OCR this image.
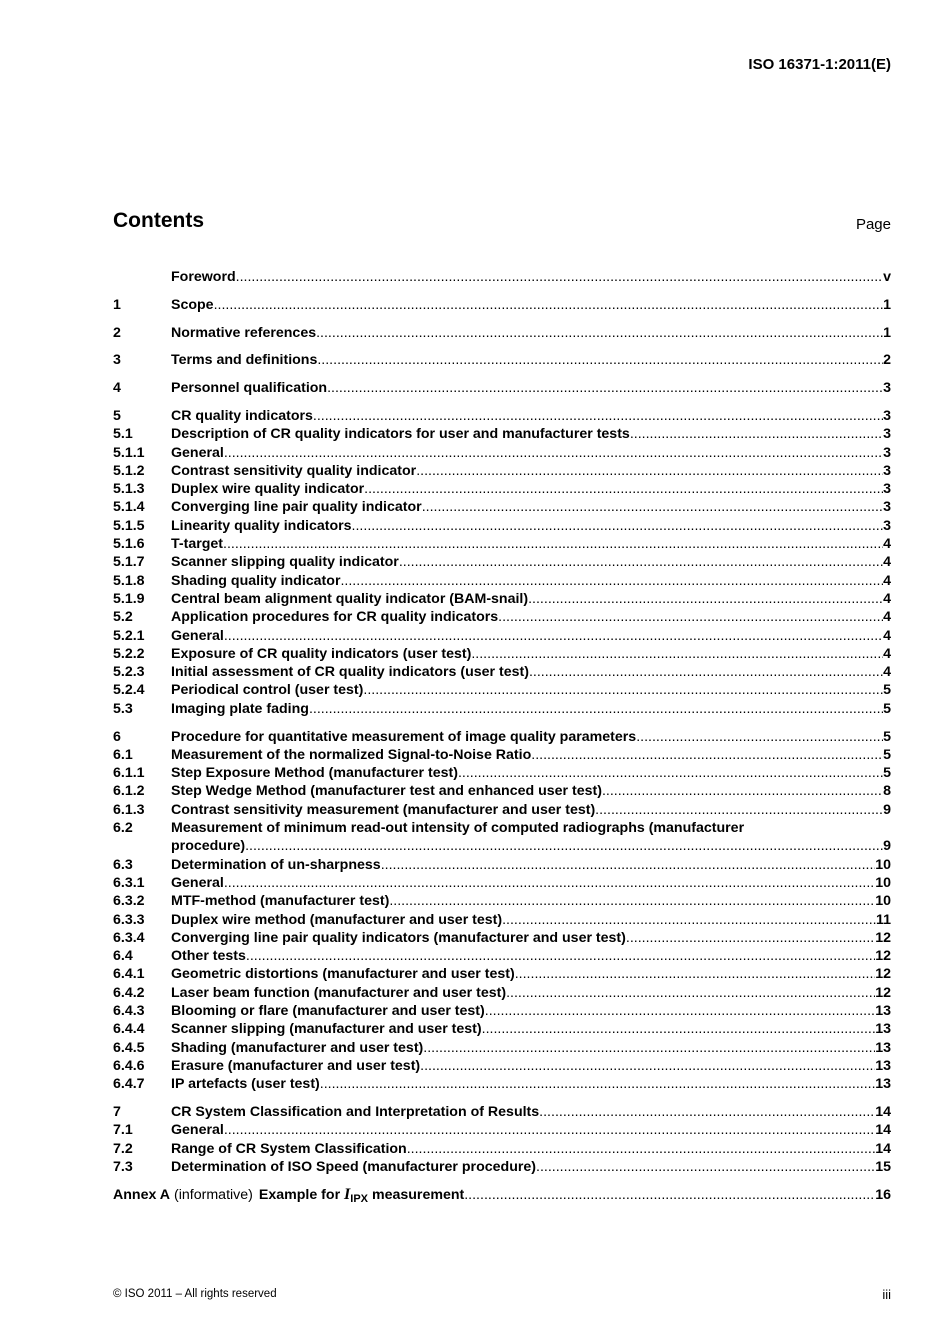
ISO 16371-1:2011(E)
Contents	Page
Foreword .....	v
1	Scope .....	1
2	Normative references .....	1
3	Terms and definitions .....	2
4	Personnel qualification .....	3
5	CR quality indicators .....	3
5.1	Description of CR quality indicators for user and manufacturer tests .....	3
5.1.1	General .....	3
5.1.2	Contrast sensitivity quality indicator .....	3
5.1.3	Duplex wire quality indicator .....	3
5.1.4	Converging line pair quality indicator .....	3
5.1.5	Linearity quality indicators .....	3
5.1.6	T-target .....	4
5.1.7	Scanner slipping quality indicator .....	4
5.1.8	Shading quality indicator .....	4
5.1.9	Central beam alignment quality indicator (BAM-snail) .....	4
5.2	Application procedures for CR quality indicators .....	4
5.2.1	General .....	4
5.2.2	Exposure of CR quality indicators (user test) .....	4
5.2.3	Initial assessment of CR quality indicators (user test) .....	4
5.2.4	Periodical control (user test) .....	5
5.3	Imaging plate fading .....	5
6	Procedure for quantitative measurement of image quality parameters .....	5
6.1	Measurement of the normalized Signal-to-Noise Ratio .....	5
6.1.1	Step Exposure Method (manufacturer test) .....	5
6.1.2	Step Wedge Method (manufacturer test and enhanced user test) .....	8
6.1.3	Contrast sensitivity measurement (manufacturer and user test) .....	9
6.2	Measurement of minimum read-out intensity of computed radiographs (manufacturer
procedure) .....	9
6.3	Determination of un-sharpness .....	10
6.3.1	General .....	10
6.3.2	MTF-method (manufacturer test) .....	10
6.3.3	Duplex wire method (manufacturer and user test) .....	11
6.3.4	Converging line pair quality indicators (manufacturer and user test) .....	12
6.4	Other tests .....	12
6.4.1	Geometric distortions (manufacturer and user test) .....	12
6.4.2	Laser beam function (manufacturer and user test) .....	12
6.4.3	Blooming or flare (manufacturer and user test) .....	13
6.4.4	Scanner slipping (manufacturer and user test) .....	13
6.4.5	Shading (manufacturer and user test) .....	13
6.4.6	Erasure (manufacturer and user test) .....	13
6.4.7	IP artefacts (user test) .....	13
7	CR System Classification and Interpretation of Results .....	14
7.1	General .....	14
7.2	Range of CR System Classification .....	14
7.3	Determination of ISO Speed (manufacturer procedure) .....	15
Annex A (informative) Example for $I_{IPX}$ measurement .....	16
© ISO 2011 – All rights reserved	iii
